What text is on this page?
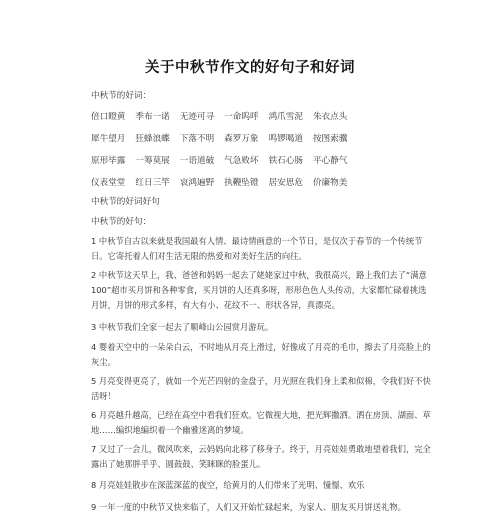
关于中秋节作文的好句子和好词
中秋节的好词：
倍口瞪黄 季布一诺 无迹可寻 一命呜呼 鸿爪雪泥 朱衣点头
犀牛望月 狂蜂浪蝶 下落不明 森罗万象 鸣锣喝道 按图索骥
原形毕露 一筹莫展 一语道破 气急败坏 铁石心肠 平心静气
仪表堂堂 红日三竿 哀鸿遍野 执鞭坠镫 居安思危 价廉物美
中秋节的好词好句
中秋节的好句：
1 中秋节自古以来就是我国最有人情、最诗情画意的一个节日，是仅次于春节的一个传统节日。它寄托着人们对生活无限的热爱和对美好生活的向往。
2 中秋节这天早上，我、爸爸和妈妈一起去了姥姥家过中秋，我很高兴，路上我们去了“满意100”超市买月饼和各种零食，买月饼的人还真多呀，形形色色人头传动，大家都忙碌着挑选月饼，月饼的形式多样，有大有小、花纹不一、形状各异，真漂亮。
3 中秋节我们全家一起去了顺峰山公园赏月游玩。
4 婴着天空中的一朵朵白云，不时地从月亮上滑过，好像成了月亮的毛巾，擦去了月亮脸上的灰尘。
5 月亮变得更亮了，就如一个光芒四射的金盘子，月光照在我们身上柔和似棉，令我们好不快活呀！
6 月亮越升越高，已经在高空中看我们狂欢。它微视大地，把光辉撒洒。洒在房顶、湖面、草地……编织地编织着一个幽雅迷离的梦境。
7 又过了一会儿，微风吹来，云妈妈向北移了移身子。终于，月亮娃娃勇敢地望着我们，完全露出了她那胖乎乎、圆鼓鼓、笑眯眯的脸蛋儿。
8 月亮娃娃散步在深蓝深蓝的夜空，给黄月的人们带来了光明、憧憬、欢乐
9 一年一度的中秋节又快来临了，人们又开始忙碌起来，为家人、朋友买月饼送礼物。
